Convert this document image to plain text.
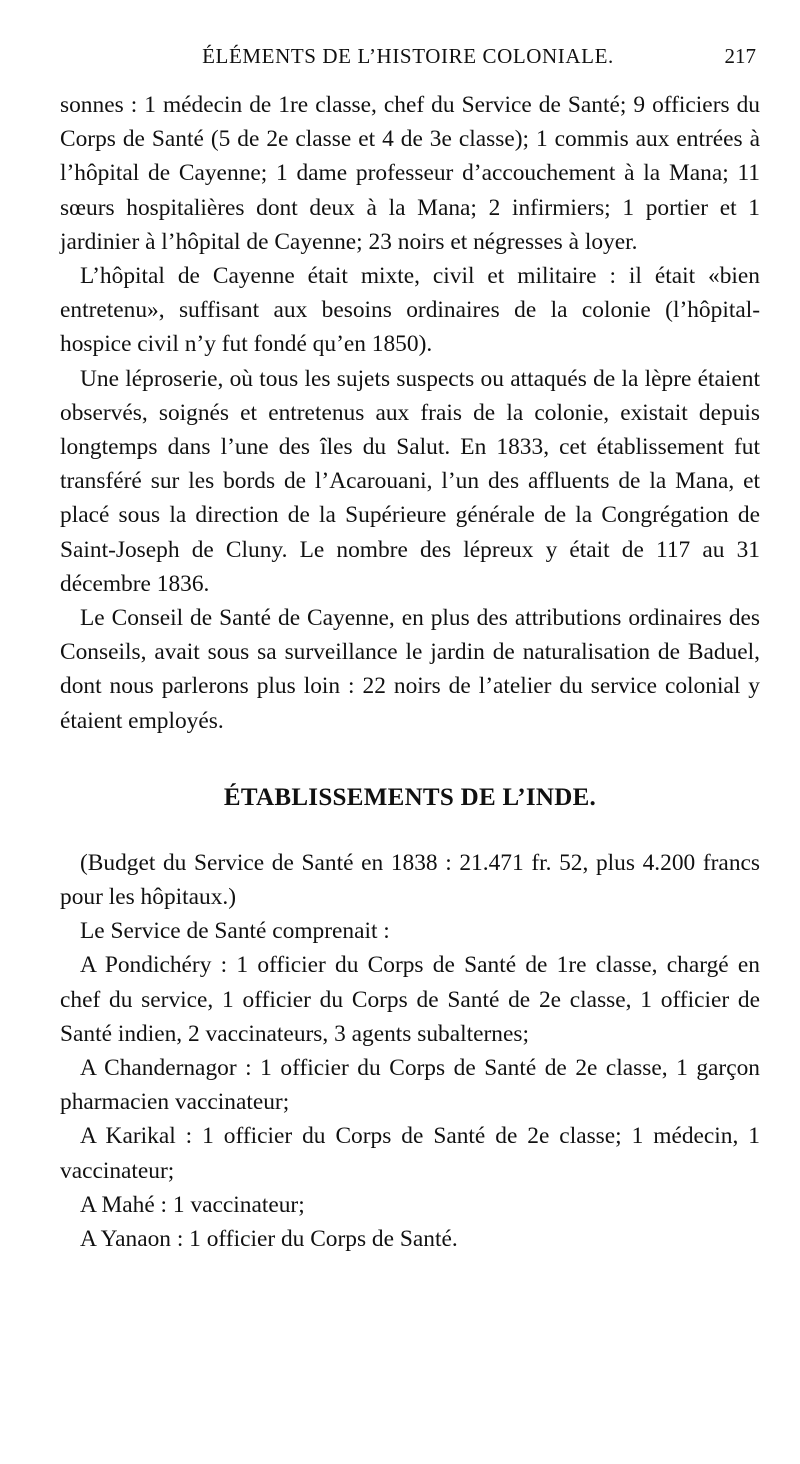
ÉLÉMENTS DE L’HISTOIRE COLONIALE.	217

sonnes : 1 médecin de 1re classe, chef du Service de Santé; 9 officiers du Corps de Santé (5 de 2e classe et 4 de 3e classe); 1 commis aux entrées à l’hôpital de Cayenne; 1 dame professeur d’accouchement à la Mana; 11 sœurs hospitalières dont deux à la Mana; 2 infirmiers; 1 portier et 1 jardinier à l’hôpital de Cayenne; 23 noirs et négresses à loyer.

L’hôpital de Cayenne était mixte, civil et militaire : il était «bien entretenu», suffisant aux besoins ordinaires de la colonie (l’hôpital-hospice civil n’y fut fondé qu’en 1850).

Une léproserie, où tous les sujets suspects ou attaqués de la lèpre étaient observés, soignés et entretenus aux frais de la colonie, existait depuis longtemps dans l’une des îles du Salut. En 1833, cet établissement fut transféré sur les bords de l’Acarouani, l’un des affluents de la Mana, et placé sous la direction de la Supérieure générale de la Congrégation de Saint-Joseph de Cluny. Le nombre des lépreux y était de 117 au 31 décembre 1836.

Le Conseil de Santé de Cayenne, en plus des attributions ordinaires des Conseils, avait sous sa surveillance le jardin de naturalisation de Baduel, dont nous parlerons plus loin : 22 noirs de l’atelier du service colonial y étaient employés.

ÉTABLISSEMENTS DE L’INDE.

(Budget du Service de Santé en 1838 : 21.471 fr. 52, plus 4.200 francs pour les hôpitaux.)

Le Service de Santé comprenait :

A Pondichéry : 1 officier du Corps de Santé de 1re classe, chargé en chef du service, 1 officier du Corps de Santé de 2e classe, 1 officier de Santé indien, 2 vaccinateurs, 3 agents subalternes;

A Chandernagor : 1 officier du Corps de Santé de 2e classe, 1 garçon pharmacien vaccinateur;

A Karikal : 1 officier du Corps de Santé de 2e classe; 1 médecin, 1 vaccinateur;

A Mahé : 1 vaccinateur;

A Yanaon : 1 officier du Corps de Santé.
